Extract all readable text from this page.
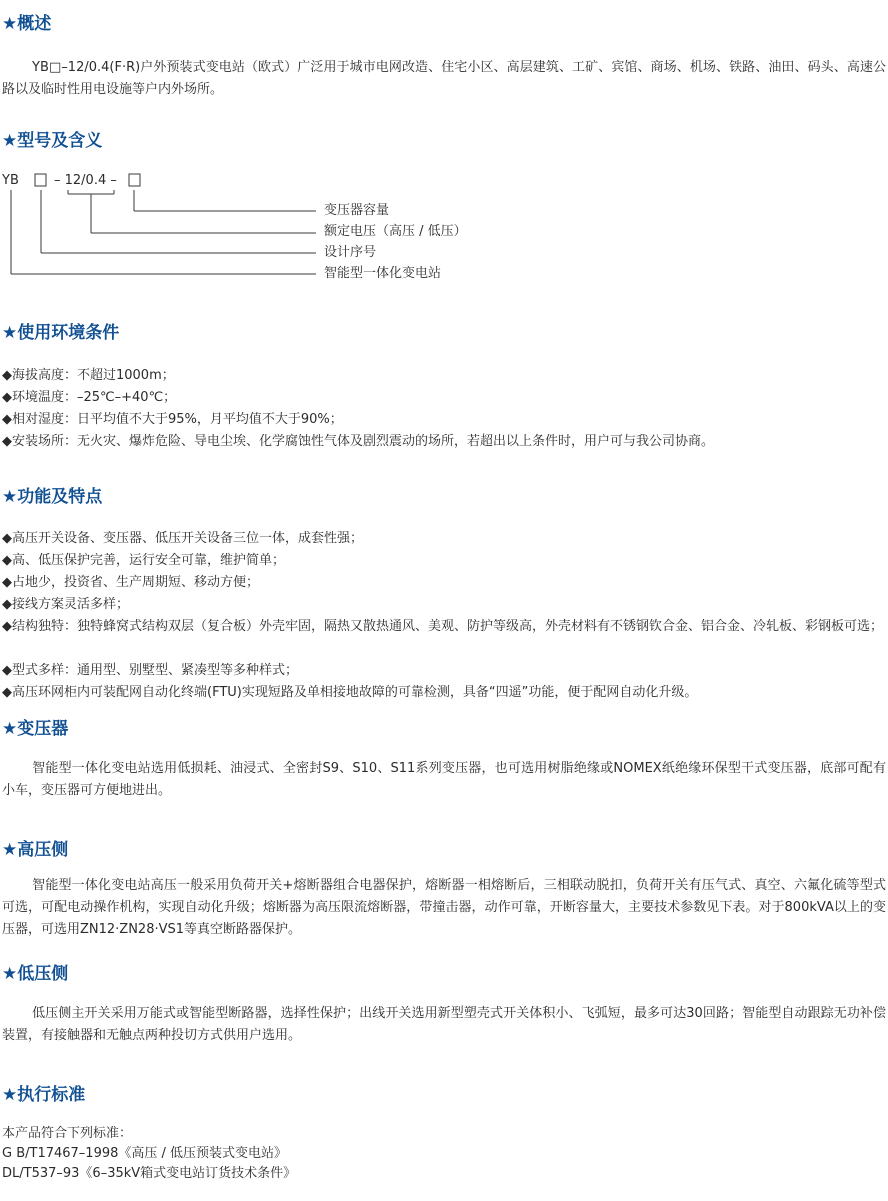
★概述
YB□–12/0.4(F·R)户外预装式变电站（欧式）广泛用于城市电网改造、住宅小区、高层建筑、工矿、宾馆、商场、机场、铁路、油田、码头、高速公路以及临时性用电设施等户内外场所。
★型号及含义
YB	– 12/0.4 –
变压器容量
额定电压（高压 / 低压）
设计序号
智能型一体化变电站
★使用环境条件
◆海拔高度：不超过1000m；
◆环境温度：–25℃–+40℃；
◆相对湿度：日平均值不大于95%，月平均值不大于90%；
◆安装场所：无火灾、爆炸危险、导电尘埃、化学腐蚀性气体及剧烈震动的场所，若超出以上条件时，用户可与我公司协商。
★功能及特点
◆高压开关设备、变压器、低压开关设备三位一体，成套性强；
◆高、低压保护完善，运行安全可靠，维护简单；
◆占地少，投资省、生产周期短、移动方便；
◆接线方案灵活多样；
◆结构独特：独特蜂窝式结构双层（复合板）外壳牢固，隔热又散热通风、美观、防护等级高，外壳材料有不锈钢钦合金、铝合金、冷轧板、彩钢板可选；
◆型式多样：通用型、别墅型、紧凑型等多种样式；
◆高压环网柜内可装配网自动化终端(FTU)实现短路及单相接地故障的可靠检测，具备“四遥”功能，便于配网自动化升级。
★变压器
智能型一体化变电站选用低损耗、油浸式、全密封S9、S10、S11系列变压器，也可选用树脂绝缘或NOMEX纸绝缘环保型干式变压器，底部可配有小车，变压器可方便地进出。
★高压侧
智能型一体化变电站高压一般采用负荷开关+熔断器组合电器保护，熔断器一相熔断后，三相联动脱扣，负荷开关有压气式、真空、六氟化硫等型式可选，可配电动操作机构，实现自动化升级；熔断器为高压限流熔断器，带撞击器，动作可靠，开断容量大，主要技术参数见下表。对于800kVA以上的变压器，可选用ZN12·ZN28·VS1等真空断路器保护。
★低压侧
低压侧主开关采用万能式或智能型断路器，选择性保护；出线开关选用新型塑壳式开关体积小、飞弧短，最多可达30回路；智能型自动跟踪无功补偿装置，有接触器和无触点两种投切方式供用户选用。
★执行标准
本产品符合下列标准：
G B/T17467–1998《高压 / 低压预装式变电站》
DL/T537–93《6–35kV箱式变电站订货技术条件》
